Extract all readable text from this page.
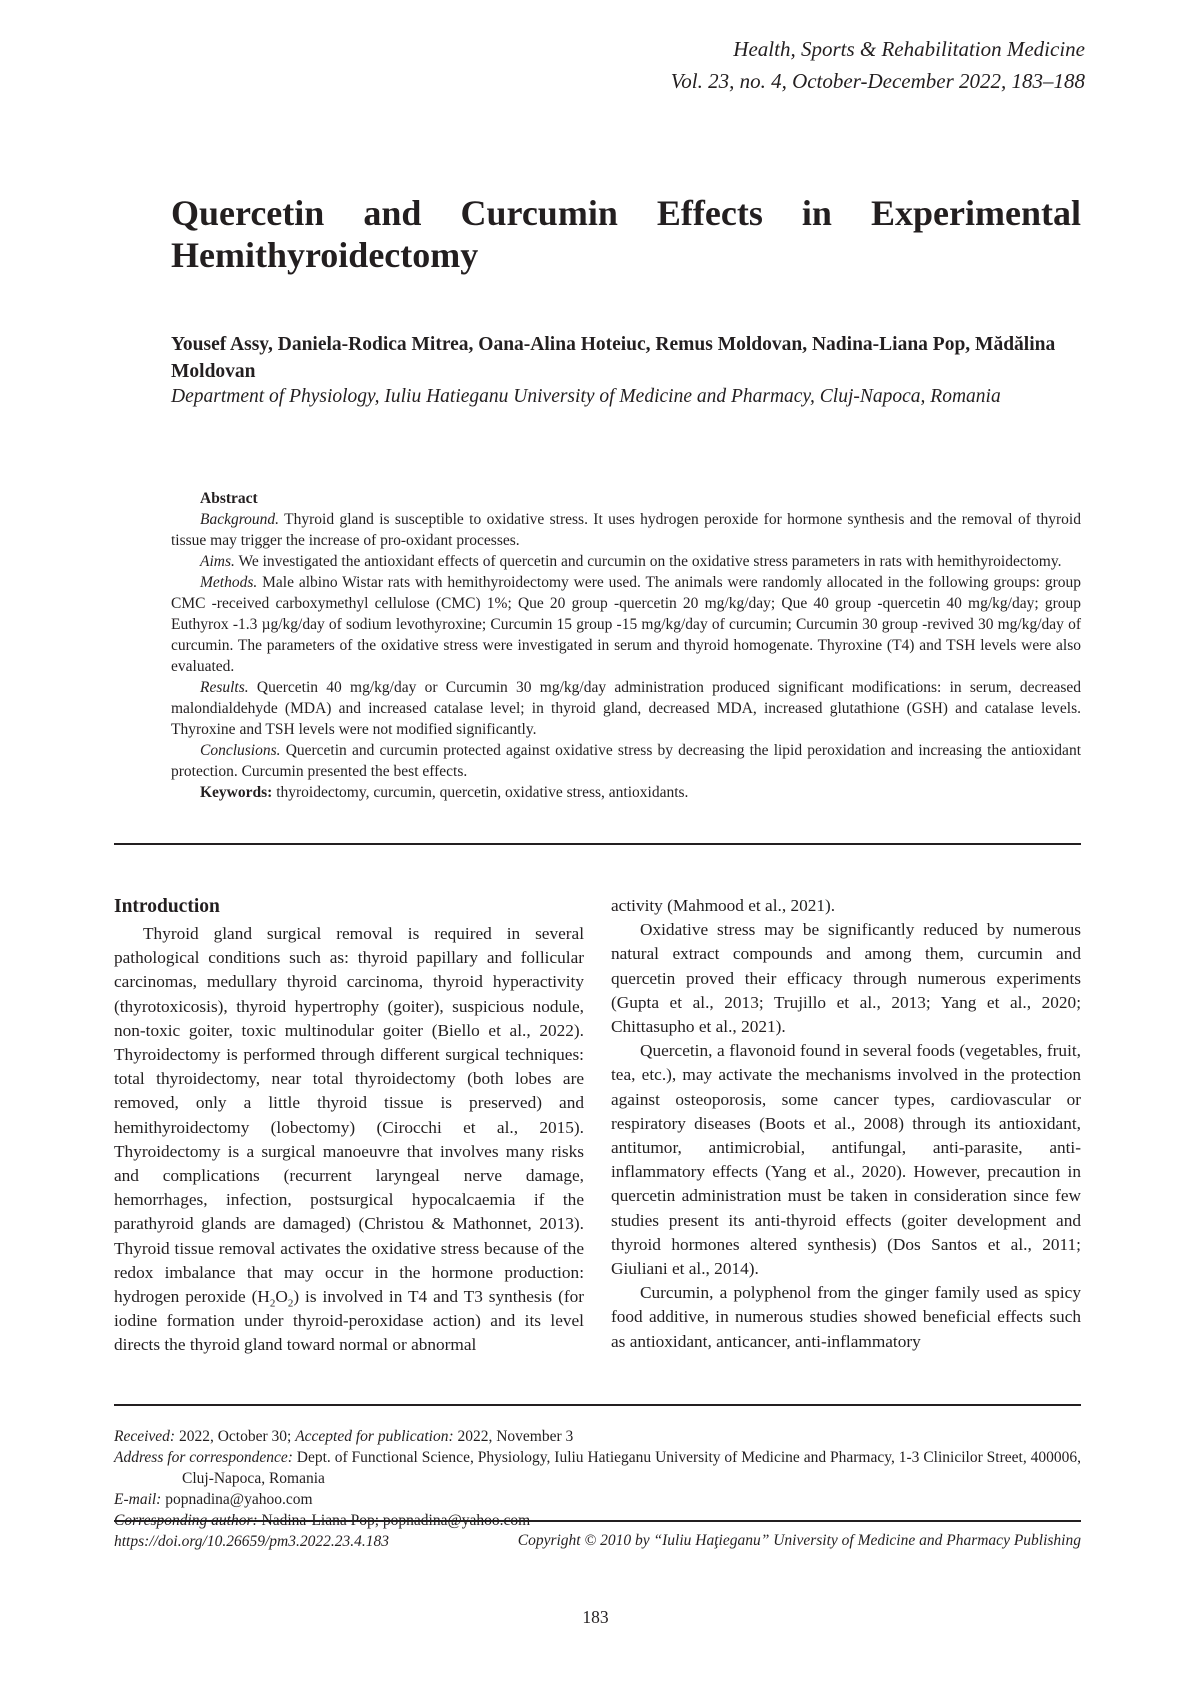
Health, Sports & Rehabilitation Medicine
Vol. 23, no. 4, October-December 2022, 183–188
Quercetin and Curcumin Effects in Experimental
Hemithyroidectomy
Yousef Assy, Daniela-Rodica Mitrea, Oana-Alina Hoteiuc, Remus Moldovan, Nadina-Liana Pop, Mădălina Moldovan
Department of Physiology, Iuliu Hatieganu University of Medicine and Pharmacy, Cluj-Napoca, Romania

Abstract

Background. Thyroid gland is susceptible to oxidative stress. It uses hydrogen peroxide for hormone synthesis and the removal of thyroid tissue may trigger the increase of pro-oxidant processes.

Aims. We investigated the antioxidant effects of quercetin and curcumin on the oxidative stress parameters in rats with hemithyroidectomy.

Methods. Male albino Wistar rats with hemithyroidectomy were used. The animals were randomly allocated in the following groups: group CMC -received carboxymethyl cellulose (CMC) 1%; Que 20 group -quercetin 20 mg/kg/day; Que 40 group -quercetin 40 mg/kg/day; group Euthyrox -1.3 µg/kg/day of sodium levothyroxine; Curcumin 15 group -15 mg/kg/day of curcumin; Curcumin 30 group -revived 30 mg/kg/day of curcumin. The parameters of the oxidative stress were investigated in serum and thyroid homogenate. Thyroxine (T4) and TSH levels were also evaluated.

Results. Quercetin 40 mg/kg/day or Curcumin 30 mg/kg/day administration produced significant modifications: in serum, decreased malondialdehyde (MDA) and increased catalase level; in thyroid gland, decreased MDA, increased glutathione (GSH) and catalase levels. Thyroxine and TSH levels were not modified significantly.

Conclusions. Quercetin and curcumin protected against oxidative stress by decreasing the lipid peroxidation and increasing the antioxidant protection. Curcumin presented the best effects.

Keywords: thyroidectomy, curcumin, quercetin, oxidative stress, antioxidants.

Introduction

Thyroid gland surgical removal is required in several pathological conditions such as: thyroid papillary and follicular carcinomas, medullary thyroid carcinoma, thyroid hyperactivity (thyrotoxicosis), thyroid hypertrophy (goiter), suspicious nodule, non-toxic goiter, toxic multinodular goiter (Biello et al., 2022). Thyroidectomy is performed through different surgical techniques: total thyroidectomy, near total thyroidectomy (both lobes are removed, only a little thyroid tissue is preserved) and hemithyroidectomy (lobectomy) (Cirocchi et al., 2015). Thyroidectomy is a surgical manoeuvre that involves many risks and complications (recurrent laryngeal nerve damage, hemorrhages, infection, postsurgical hypocalcaemia if the parathyroid glands are damaged) (Christou & Mathonnet, 2013). Thyroid tissue removal activates the oxidative stress because of the redox imbalance that may occur in the hormone production: hydrogen peroxide $(H_2O_2)$ is involved in T4 and T3 synthesis (for iodine formation under thyroid-peroxidase action) and its level directs the thyroid gland toward normal or abnormal

activity (Mahmood et al., 2021).

Oxidative stress may be significantly reduced by numerous natural extract compounds and among them, curcumin and quercetin proved their efficacy through numerous experiments (Gupta et al., 2013; Trujillo et al., 2013; Yang et al., 2020; Chittasupho et al., 2021).

Quercetin, a flavonoid found in several foods (vegetables, fruit, tea, etc.), may activate the mechanisms involved in the protection against osteoporosis, some cancer types, cardiovascular or respiratory diseases (Boots et al., 2008) through its antioxidant, antitumor, antimicrobial, antifungal, anti-parasite, anti-inflammatory effects (Yang et al., 2020). However, precaution in quercetin administration must be taken in consideration since few studies present its anti-thyroid effects (goiter development and thyroid hormones altered synthesis) (Dos Santos et al., 2011; Giuliani et al., 2014).

Curcumin, a polyphenol from the ginger family used as spicy food additive, in numerous studies showed beneficial effects such as antioxidant, anticancer, anti-inflammatory

Received: 2022, October 30; Accepted for publication: 2022, November 3

Address for correspondence: Dept. of Functional Science, Physiology, Iuliu Hatieganu University of Medicine and Pharmacy, 1-3 Clinicilor Street, 400006, Cluj-Napoca, Romania

E-mail: popnadina@yahoo.com

Corresponding author: Nadina-Liana Pop; popnadina@yahoo.com

https://doi.org/10.26659/pm3.2022.23.4.183	Copyright © 2010 by “Iuliu Haţieganu” University of Medicine and Pharmacy Publishing
183
